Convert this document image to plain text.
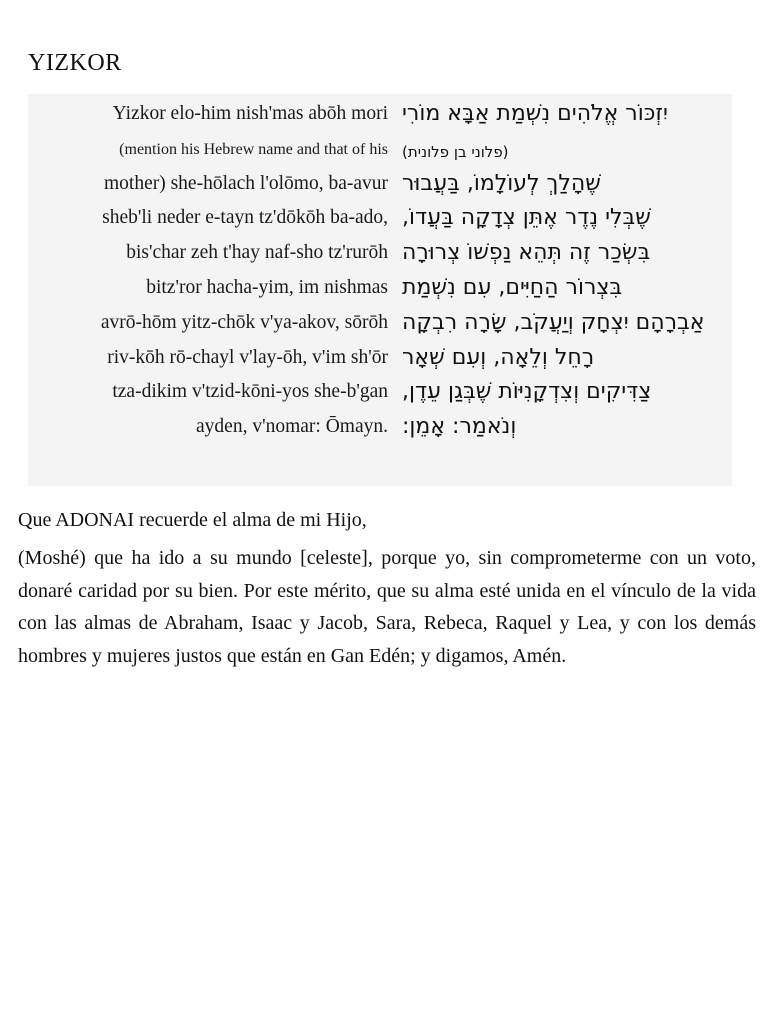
YIZKOR
Yizkor elo-him nish'mas abōh mori יִזְכּוֹר אֱלֹהִים נִשְׁמַת אַבָּא מוֹרִי
(mention his Hebrew name and that of his (פלוני בן פלונית)
mother) she-hōlach l'olōmo, ba-avur שֶׁהָלַךְ לְעוֹלָמוֹ, בַּעֲבוּר
sheb'li neder e-tayn tz'dōkōh ba-ado, שֶׁבְּלִי נֶדֶר אֶתֵּן צְדָקָה בַּעֲדוֹ,
bis'char zeh t'hay naf-sho tz'rurōh בִּשְׂכַר זֶה תְּהֵא נַפְשׁוֹ צְרוּרָה
bitz'ror hacha-yim, im nishmas בִּצְרוֹר הַחַיִּים, עִם נִשְׁמַת
avrō-hōm yitz-chōk v'ya-akov, sōrōh אַבְרָהָם יִצְחָק וְיַעֲקֹב, שָׂרָה רִבְקָה
riv-kōh rō-chayl v'lay-ōh, v'im sh'ōr רָחֵל וְלֵאָה, וְעִם שְׁאָר
tza-dikim v'tzid-kōni-yos she-b'gan צַדִּיקִים וְצִדְקָנִיּוֹת שֶׁבְּגַן עֵדֶן,
ayden, v'nomar: Ōmayn. וְנֹאמַר: אָמֵן:
Que ADONAI recuerde el alma de mi Hijo,
(Moshé) que ha ido a su mundo [celeste], porque yo, sin comprometerme con un voto, donaré caridad por su bien. Por este mérito, que su alma esté unida en el vínculo de la vida con las almas de Abraham, Isaac y Jacob, Sara, Rebeca, Raquel y Lea, y con los demás hombres y mujeres justos que están en Gan Edén; y digamos, Amén.
